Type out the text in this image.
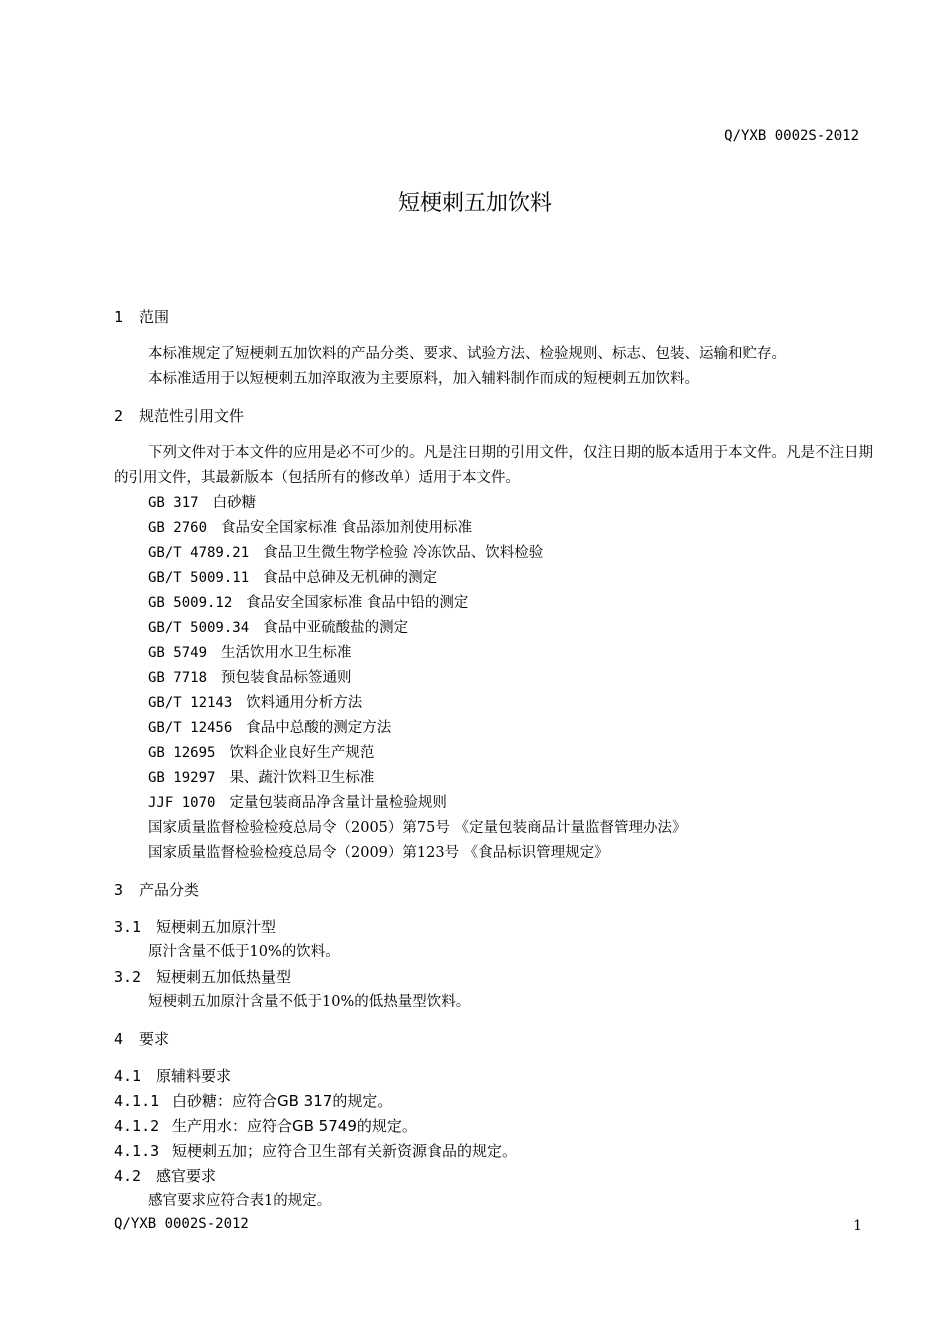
Q/YXB 0002S-2012
短梗刺五加饮料
1 范围
本标准规定了短梗刺五加饮料的产品分类、要求、试验方法、检验规则、标志、包装、运输和贮存。
本标准适用于以短梗刺五加淬取液为主要原料，加入辅料制作而成的短梗刺五加饮料。
2 规范性引用文件
下列文件对于本文件的应用是必不可少的。凡是注日期的引用文件，仅注日期的版本适用于本文件。凡是不注日期的引用文件，其最新版本（包括所有的修改单）适用于本文件。
GB 317 白砂糖
GB 2760 食品安全国家标准 食品添加剂使用标准
GB/T 4789.21 食品卫生微生物学检验 冷冻饮品、饮料检验
GB/T 5009.11 食品中总砷及无机砷的测定
GB 5009.12 食品安全国家标准 食品中铅的测定
GB/T 5009.34 食品中亚硫酸盐的测定
GB 5749 生活饮用水卫生标准
GB 7718 预包装食品标签通则
GB/T 12143 饮料通用分析方法
GB/T 12456 食品中总酸的测定方法
GB 12695 饮料企业良好生产规范
GB 19297 果、蔬汁饮料卫生标准
JJF 1070 定量包装商品净含量计量检验规则
国家质量监督检验检疫总局令（2005）第75号 《定量包装商品计量监督管理办法》
国家质量监督检验检疫总局令（2009）第123号 《食品标识管理规定》
3 产品分类
3.1 短梗刺五加原汁型
原汁含量不低于10%的饮料。
3.2 短梗刺五加低热量型
短梗刺五加原汁含量不低于10%的低热量型饮料。
4 要求
4.1 原辅料要求
4.1.1 白砂糖：应符合GB 317的规定。
4.1.2 生产用水：应符合GB 5749的规定。
4.1.3 短梗刺五加；应符合卫生部有关新资源食品的规定。
4.2 感官要求
感官要求应符合表1的规定。
Q/YXB 0002S-2012	1
